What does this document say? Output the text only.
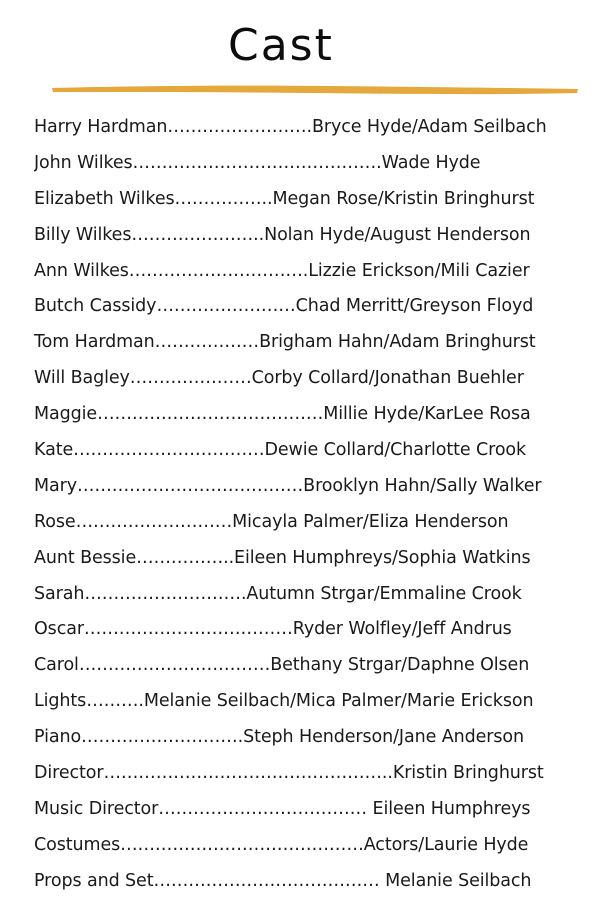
Cast
Harry Hardman…………………….Bryce Hyde/Adam Seilbach
John Wilkes…………………………………….Wade Hyde
Elizabeth Wilkes……………..Megan Rose/Kristin Bringhurst
Billy Wilkes…………………..Nolan Hyde/August Henderson
Ann Wilkes………………………….Lizzie Erickson/Mili Cazier
Butch Cassidy……………………Chad Merritt/Greyson Floyd
Tom Hardman………………Brigham Hahn/Adam Bringhurst
Will Bagley…………………Corby Collard/Jonathan Buehler
Maggie…………………………………Millie Hyde/KarLee Rosa
Kate……………………………Dewie Collard/Charlotte Crook
Mary…………………………………Brooklyn Hahn/Sally Walker
Rose………………………Micayla Palmer/Eliza Henderson
Aunt Bessie……………..Eileen Humphreys/Sophia Watkins
Sarah……………………….Autumn Strgar/Emmaline Crook
Oscar………………………………Ryder Wolfley/Jeff Andrus
Carol……………………………Bethany Strgar/Daphne Olsen
Lights……….Melanie Seilbach/Mica Palmer/Marie Erickson
Piano……………………….Steph Henderson/Jane Anderson
Director…………………………………………..Kristin Bringhurst
Music Director……………………………… Eileen Humphreys
Costumes……………………………………Actors/Laurie Hyde
Props and Set………………………………… Melanie Seilbach
